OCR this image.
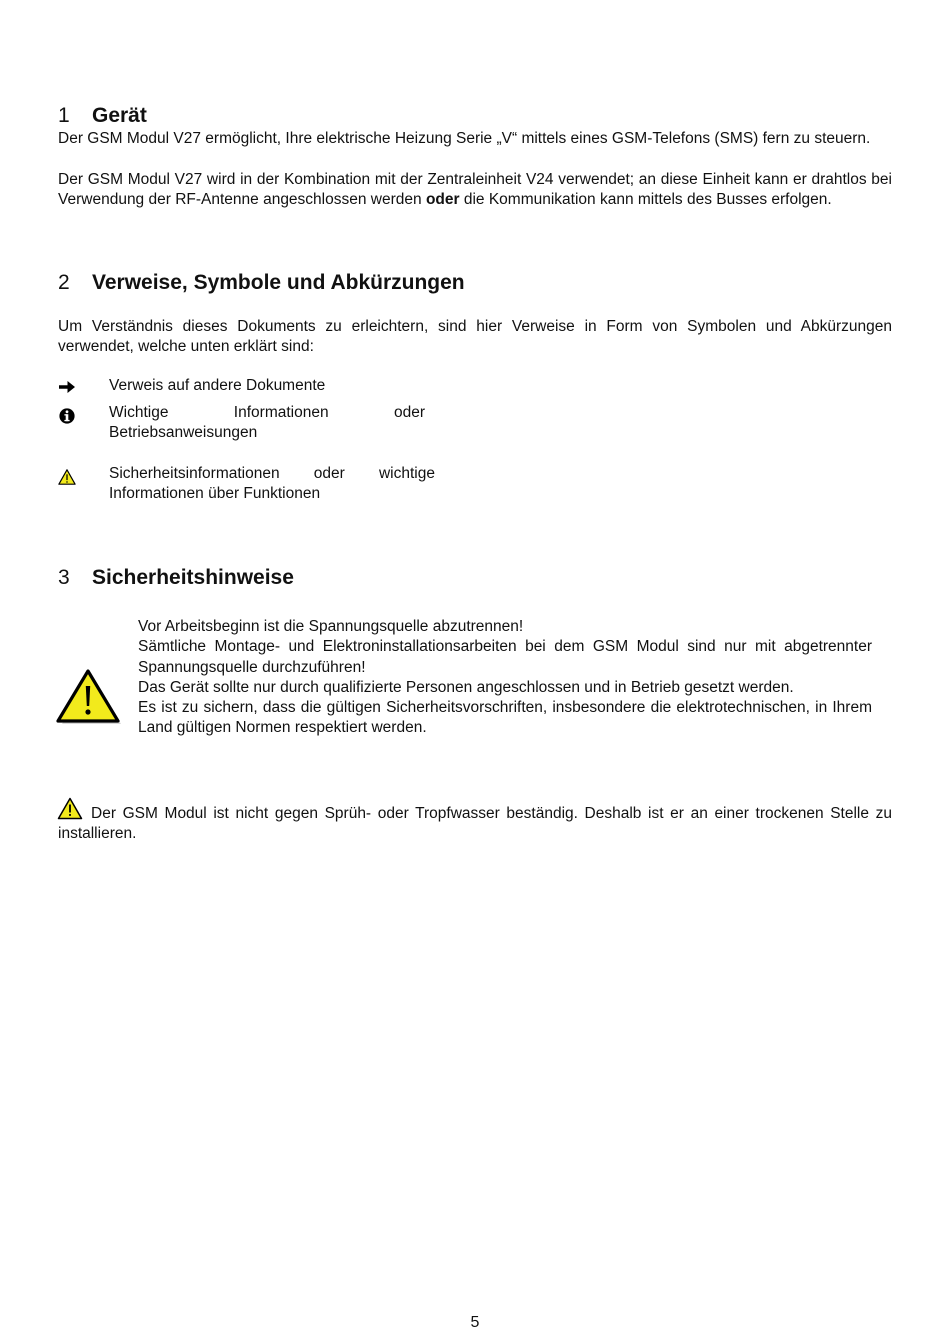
1 Gerät

Der GSM Modul V27 ermöglicht, Ihre elektrische Heizung Serie „V“ mittels eines GSM-Telefons (SMS) fern zu steuern.

Der GSM Modul V27 wird in der Kombination mit der Zentraleinheit V24 verwendet; an diese Einheit kann er drahtlos bei Verwendung der RF-Antenne angeschlossen werden oder die Kommunikation kann mittels des Busses erfolgen.

2 Verweise, Symbole und Abkürzungen

Um Verständnis dieses Dokuments zu erleichtern, sind hier Verweise in Form von Symbolen und Abkürzungen verwendet, welche unten erklärt sind:

Verweis auf andere Dokumente

Wichtige Informationen oder Betriebsanweisungen

Sicherheitsinformationen oder wichtige Informationen über Funktionen

3 Sicherheitshinweise

Vor Arbeitsbeginn ist die Spannungsquelle abzutrennen!

Sämtliche Montage- und Elektroninstallationsarbeiten bei dem GSM Modul sind nur mit abgetrennter Spannungsquelle durchzuführen!

Das Gerät sollte nur durch qualifizierte Personen angeschlossen und in Betrieb gesetzt werden.

Es ist zu sichern, dass die gültigen Sicherheitsvorschriften, insbesondere die elektrotechnischen, in Ihrem Land gültigen Normen respektiert werden.

Der GSM Modul ist nicht gegen Sprüh- oder Tropfwasser beständig. Deshalb ist er an einer trockenen Stelle zu installieren.

5
